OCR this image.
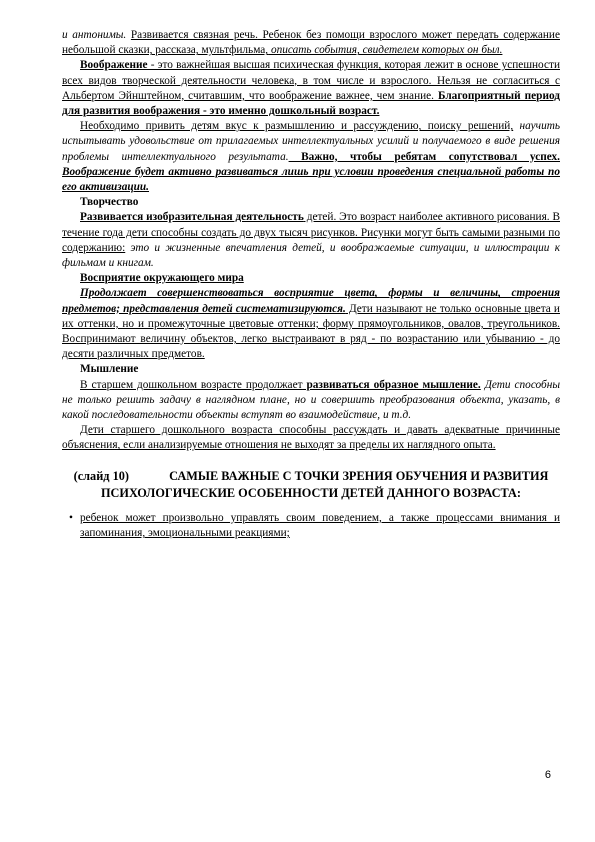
и антонимы. Развивается связная речь. Ребенок без помощи взрослого может передать содержание небольшой сказки, рассказа, мультфильма, описать события, свидетелем которых он был.

Воображение - это важнейшая высшая психическая функция, которая лежит в основе успешности всех видов творческой деятельности человека, в том числе и взрослого. Нельзя не согласиться с Альбертом Эйнштейном, считавшим, что воображение важнее, чем знание. Благоприятный период для развития воображения - это именно дошкольный возраст.

Необходимо привить детям вкус к размышлению и рассуждению, поиску решений, научить испытывать удовольствие от прилагаемых интеллектуальных усилий и получаемого в виде решения проблемы интеллектуального результата. Важно, чтобы ребятам сопутствовал успех. Воображение будет активно развиваться лишь при условии проведения специальной работы по его активизации.

Творчество

Развивается изобразительная деятельность детей. Это возраст наиболее активного рисования. В течение года дети способны создать до двух тысяч рисунков. Рисунки могут быть самыми разными по содержанию: это и жизненные впечатления детей, и воображаемые ситуации, и иллюстрации к фильмам и книгам.

Восприятие окружающего мира

Продолжает совершенствоваться восприятие цвета, формы и величины, строения предметов; представления детей систематизируются. Дети называют не только основные цвета и их оттенки, но и промежуточные цветовые оттенки; форму прямоугольников, овалов, треугольников. Воспринимают величину объектов, легко выстраивают в ряд - по возрастанию или убыванию - до десяти различных предметов.

Мышление

В старшем дошкольном возрасте продолжает развиваться образное мышление. Дети способны не только решить задачу в наглядном плане, но и совершить преобразования объекта, указать, в какой последовательности объекты вступят во взаимодействие, и т.д.

Дети старшего дошкольного возраста способны рассуждать и давать адекватные причинные объяснения, если анализируемые отношения не выходят за пределы их наглядного опыта.

(слайд 10)	САМЫЕ ВАЖНЫЕ С ТОЧКИ ЗРЕНИЯ ОБУЧЕНИЯ И РАЗВИТИЯ ПСИХОЛОГИЧЕСКИЕ ОСОБЕННОСТИ ДЕТЕЙ ДАННОГО ВОЗРАСТА:
• ребенок может произвольно управлять своим поведением, а также процессами внимания и запоминания, эмоциональными реакциями;
6
